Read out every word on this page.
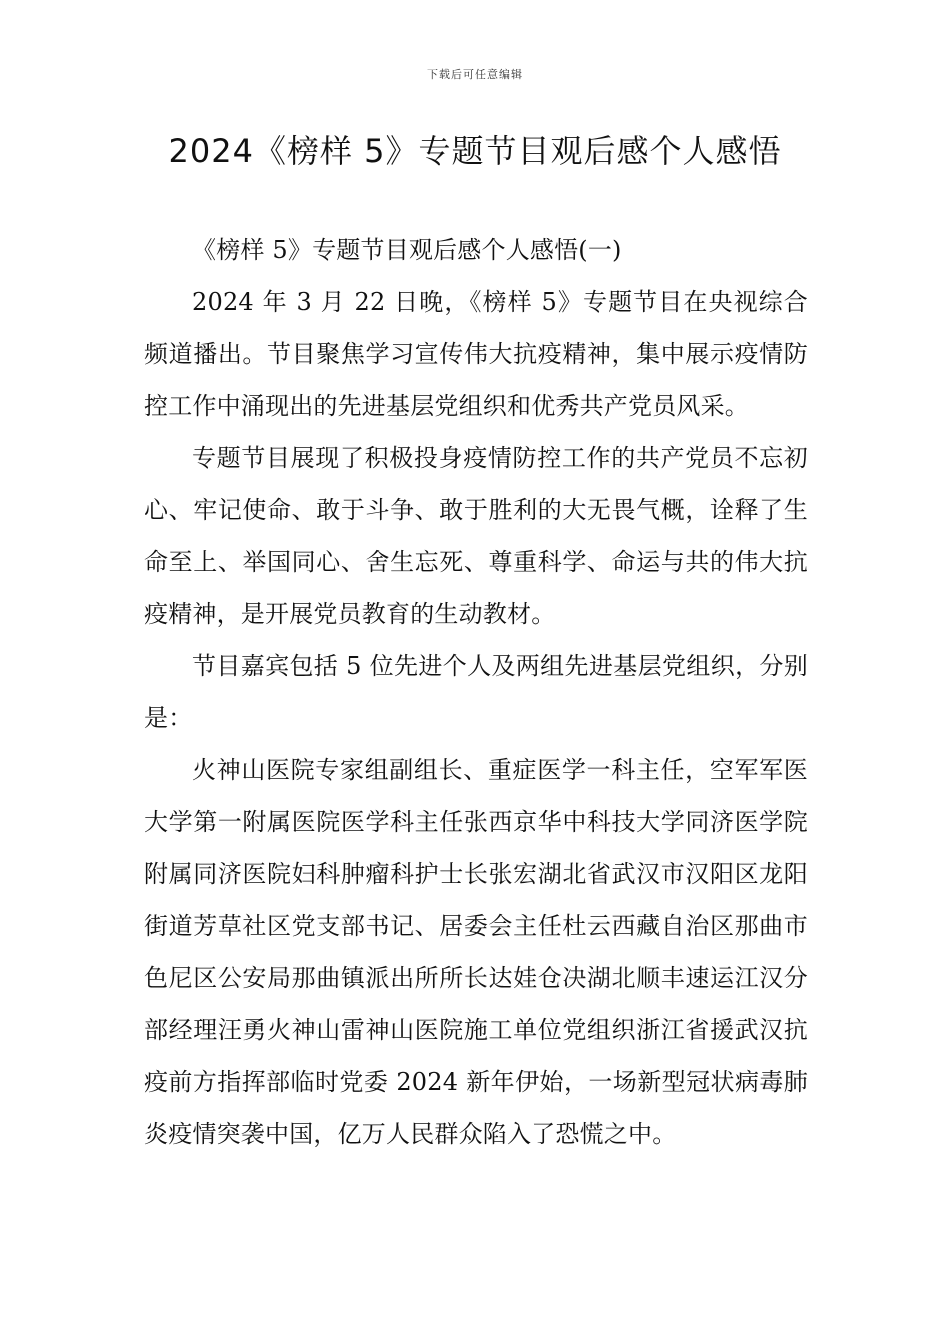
下载后可任意编辑
2024《榜样 5》专题节目观后感个人感悟

《榜样 5》专题节目观后感个人感悟(一)

2024 年 3 月 22 日晚，《榜样 5》专题节目在央视综合频道播出。节目聚焦学习宣传伟大抗疫精神，集中展示疫情防控工作中涌现出的先进基层党组织和优秀共产党员风采。

专题节目展现了积极投身疫情防控工作的共产党员不忘初心、牢记使命、敢于斗争、敢于胜利的大无畏气概，诠释了生命至上、举国同心、舍生忘死、尊重科学、命运与共的伟大抗疫精神，是开展党员教育的生动教材。

节目嘉宾包括 5 位先进个人及两组先进基层党组织，分别是：

火神山医院专家组副组长、重症医学一科主任，空军军医大学第一附属医院医学科主任张西京华中科技大学同济医学院附属同济医院妇科肿瘤科护士长张宏湖北省武汉市汉阳区龙阳街道芳草社区党支部书记、居委会主任杜云西藏自治区那曲市色尼区公安局那曲镇派出所所长达娃仓决湖北顺丰速运江汉分部经理汪勇火神山雷神山医院施工单位党组织浙江省援武汉抗疫前方指挥部临时党委 2024 新年伊始，一场新型冠状病毒肺炎疫情突袭中国，亿万人民群众陷入了恐慌之中。
